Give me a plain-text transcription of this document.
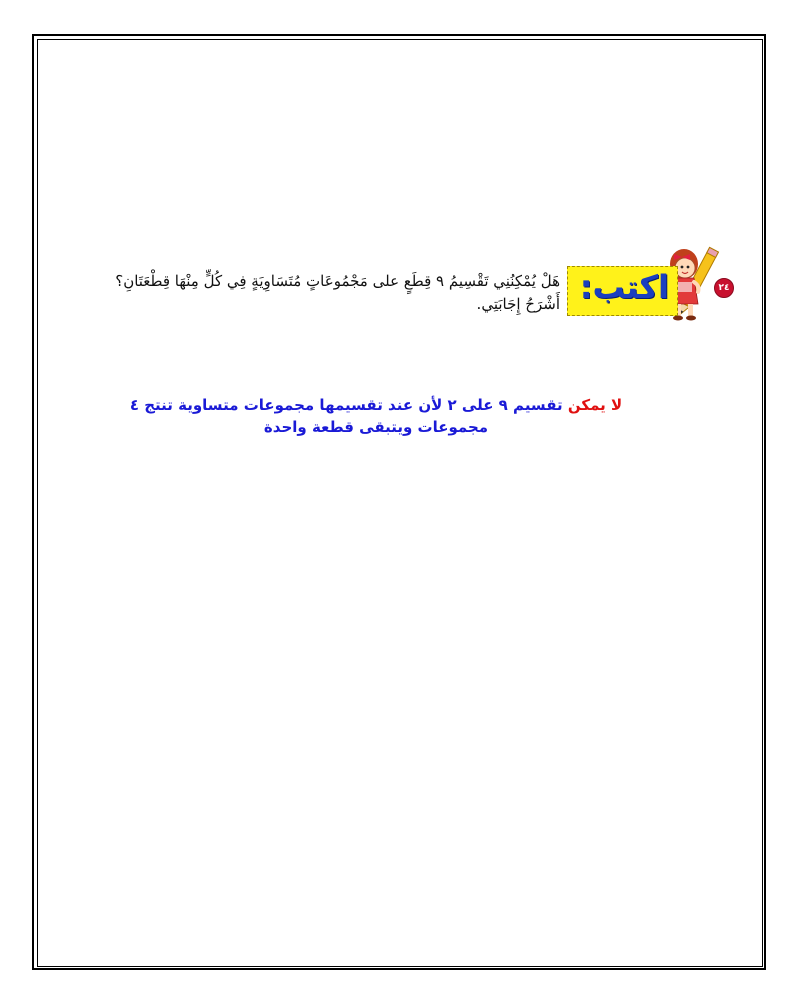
٢٤
اكتب:
هَلْ يُمْكِنُنِي تَقْسِيمُ ٩ قِطَعٍ على مَجْمُوعَاتٍ مُتَسَاوِيَةٍ فِي كُلٍّ مِنْهَا قِطْعَتَانِ؟
أَشْرَحُ إِجَابَتِي.
لا يمكن تقسيم ٩ على ٢ لأن عند تقسيمها مجموعات متساوية تنتج ٤
مجموعات ويتبقى قطعة واحدة
